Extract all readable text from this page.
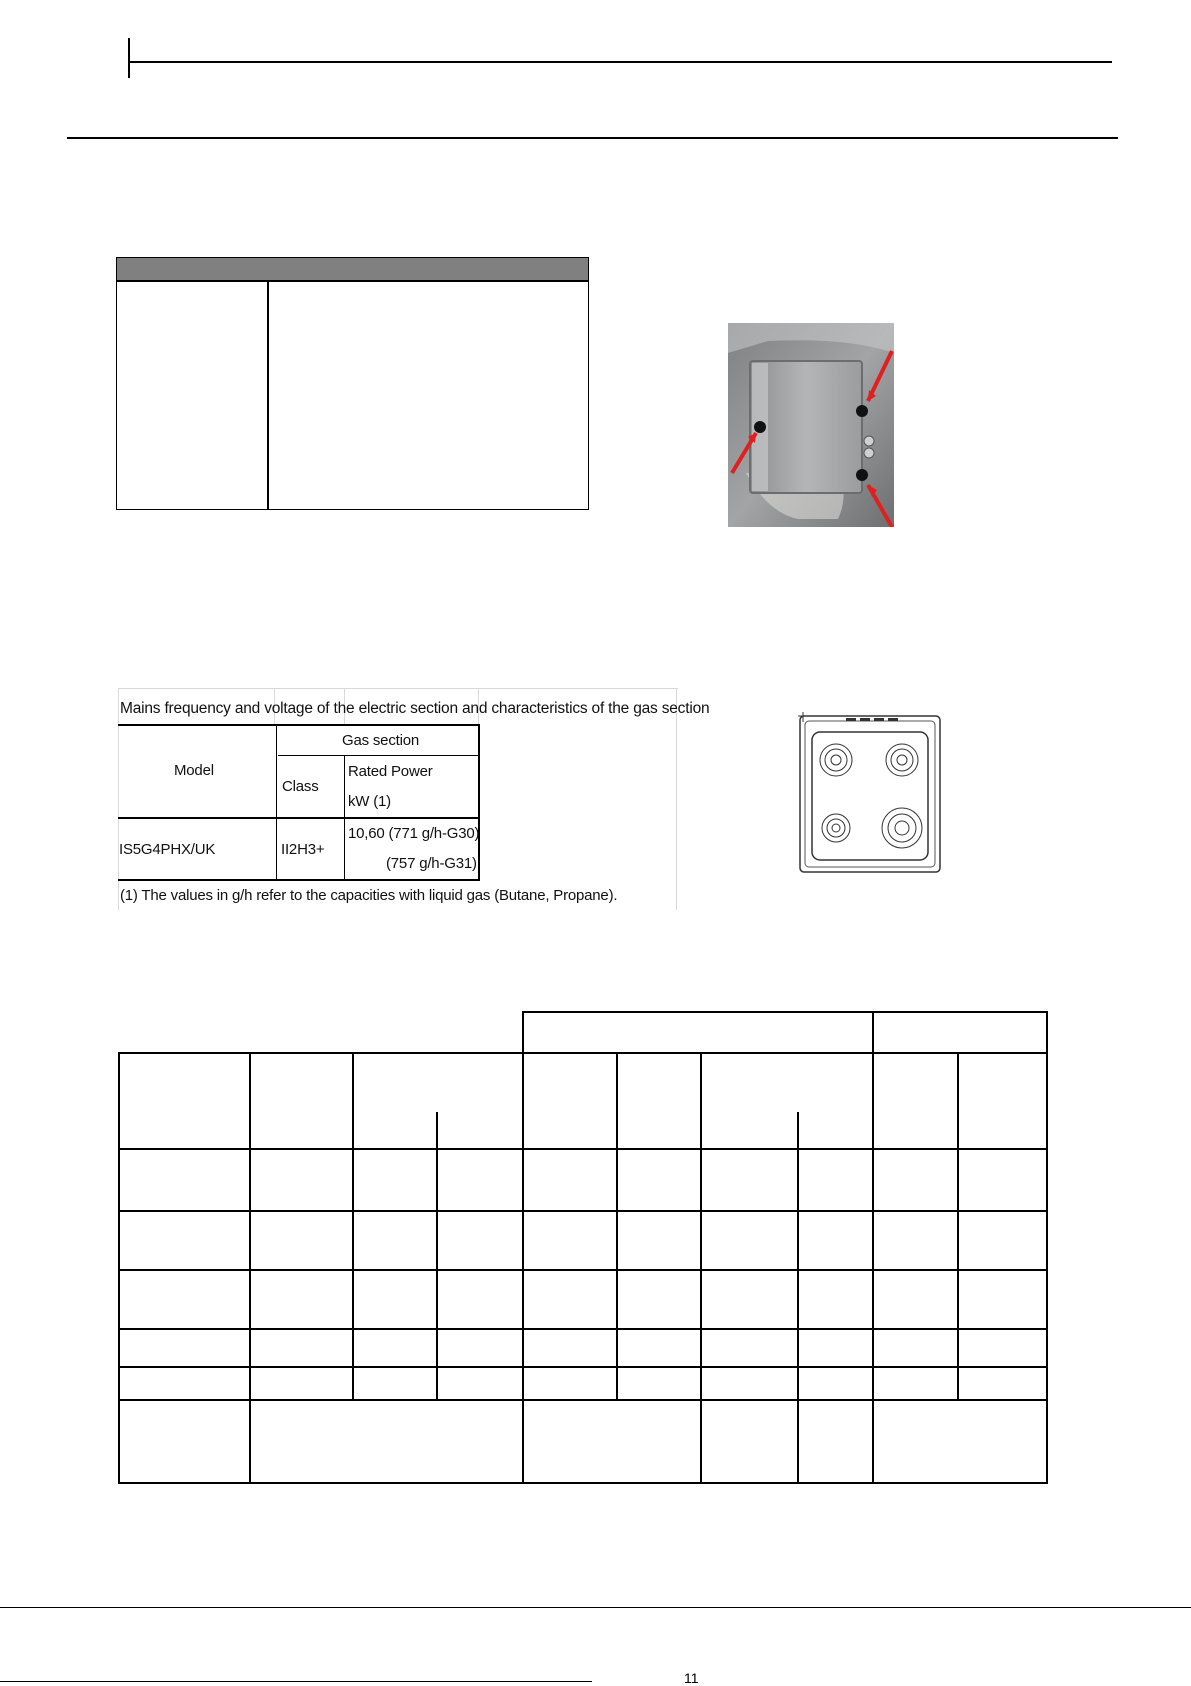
Mains frequency and voltage of the electric section and characteristics of the gas section
Model
Gas section
Class
Rated Power
kW (1)
IS5G4PHX/UK	II2H3+
10,60 (771 g/h-G30)
(757 g/h-G31)
(1) The values in g/h refer to the capacities with liquid gas (Butane, Propane).
11
